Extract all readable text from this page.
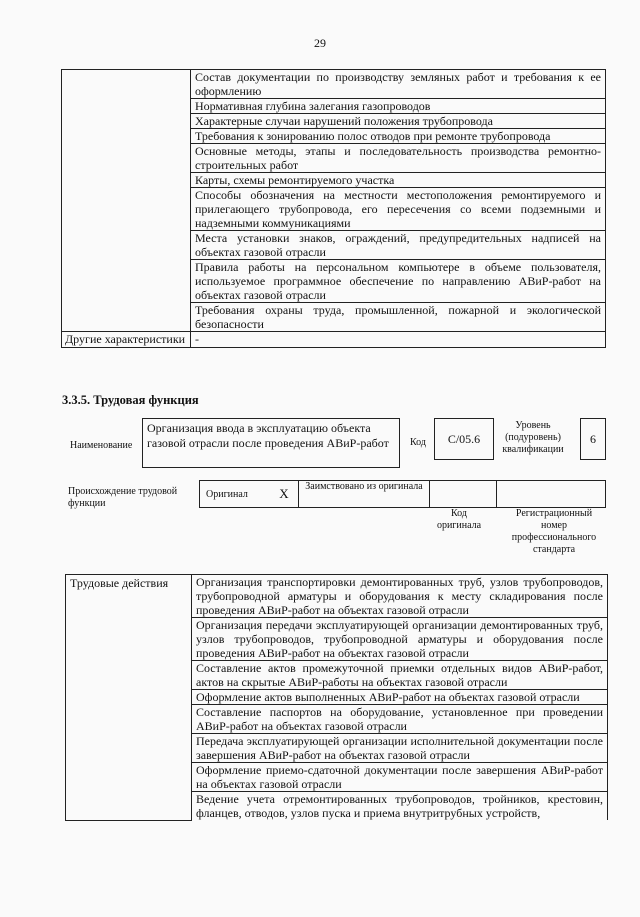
29
	Состав документации по производству земляных работ и требования к ее оформлению
	Нормативная глубина залегания газопроводов
	Характерные случаи нарушений положения трубопровода
	Требования к зонированию полос отводов при ремонте трубопровода
	Основные методы, этапы и последовательность производства ремонтно-строительных работ
	Карты, схемы ремонтируемого участка
	Способы обозначения на местности местоположения ремонтируемого и прилегающего трубопровода, его пересечения со всеми подземными и надземными коммуникациями
	Места установки знаков, ограждений, предупредительных надписей на объектах газовой отрасли
	Правила работы на персональном компьютере в объеме пользователя, используемое программное обеспечение по направлению АВиР-работ на объектах газовой отрасли
	Требования охраны труда, промышленной, пожарной и экологической безопасности
Другие характеристики	-
3.3.5. Трудовая функция
Наименование
Организация ввода в эксплуатацию объекта газовой отрасли после проведения АВиР-работ	Код	C/05.6
Уровень (подуровень) квалификации
6
Происхождение трудовой функции
Оригинал	X	Заимствовано из оригинала		
Код оригинала
Регистрационный номер профессионального стандарта
Трудовые действия	Организация транспортировки демонтированных труб, узлов трубопроводов, трубопроводной арматуры и оборудования к месту складирования после проведения АВиР-работ на объектах газовой отрасли
Организация передачи эксплуатирующей организации демонтированных труб, узлов трубопроводов, трубопроводной арматуры и оборудования после проведения АВиР-работ на объектах газовой отрасли
Составление актов промежуточной приемки отдельных видов АВиР-работ, актов на скрытые АВиР-работы на объектах газовой отрасли
Оформление актов выполненных АВиР-работ на объектах газовой отрасли
Составление паспортов на оборудование, установленное при проведении АВиР-работ на объектах газовой отрасли
Передача эксплуатирующей организации исполнительной документации после завершения АВиР-работ на объектах газовой отрасли
Оформление приемо-сдаточной документации после завершения АВиР-работ на объектах газовой отрасли
Ведение учета отремонтированных трубопроводов, тройников, крестовин, фланцев, отводов, узлов пуска и приема внутритрубных устройств,
